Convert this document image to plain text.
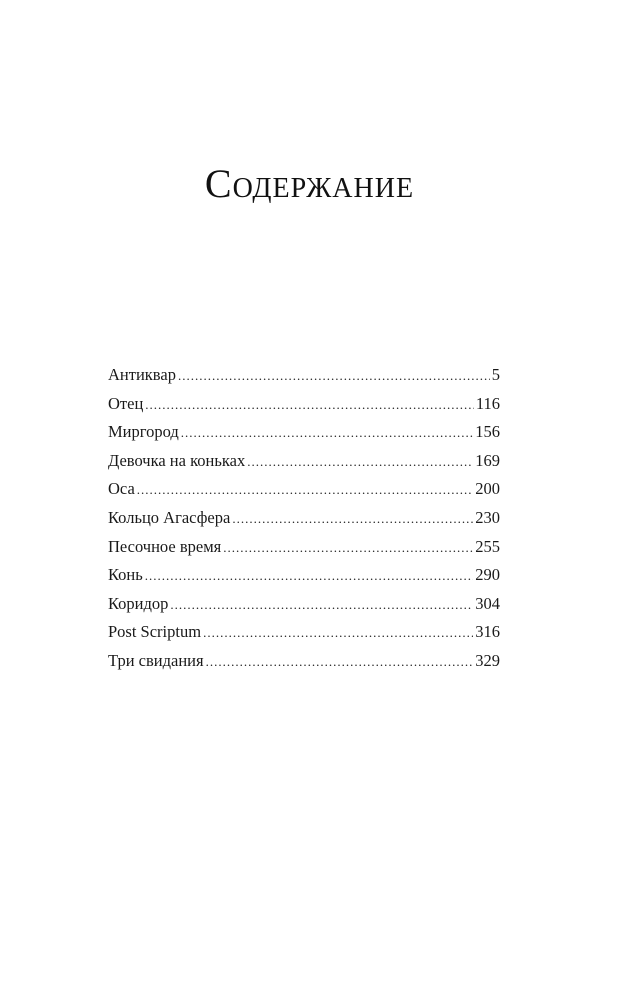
Содержание
Антиквар .....	5
Отец .....	116
Миргород .....	156
Девочка на коньках .....	169
Оса .....	200
Кольцо Агасфера .....	230
Песочное время .....	255
Конь .....	290
Коридор .....	304
Post Scriptum .....	316
Три свидания .....	329
